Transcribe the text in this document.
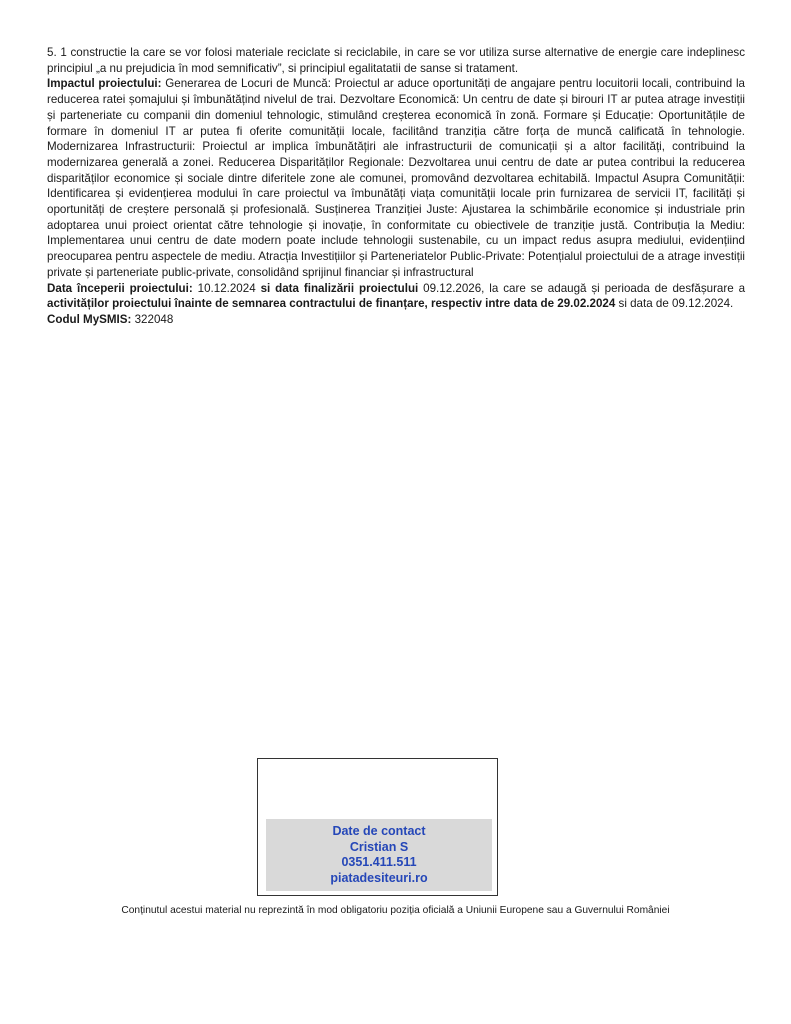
5. 1 constructie la care se vor folosi materiale reciclate si reciclabile, in care se vor utiliza surse alternative de energie care indeplinesc principiul „a nu prejudicia în mod semnificativ”, si principiul egalitatatii de sanse si tratament.

Impactul proiectului: Generarea de Locuri de Muncă: Proiectul ar aduce oportunități de angajare pentru locuitorii locali, contribuind la reducerea ratei șomajului și îmbunătățind nivelul de trai. Dezvoltare Economică: Un centru de date și birouri IT ar putea atrage investiții și parteneriate cu companii din domeniul tehnologic, stimulând creșterea economică în zonă. Formare și Educație: Oportunitățile de formare în domeniul IT ar putea fi oferite comunității locale, facilitând tranziția către forța de muncă calificată în tehnologie. Modernizarea Infrastructurii: Proiectul ar implica îmbunătățiri ale infrastructurii de comunicații și a altor facilități, contribuind la modernizarea generală a zonei. Reducerea Disparităților Regionale: Dezvoltarea unui centru de date ar putea contribui la reducerea disparităților economice și sociale dintre diferitele zone ale comunei, promovând dezvoltarea echitabilă. Impactul Asupra Comunității: Identificarea și evidențierea modului în care proiectul va îmbunătăți viața comunității locale prin furnizarea de servicii IT, facilități și oportunități de creștere personală și profesională. Susținerea Tranziției Juste: Ajustarea la schimbările economice și industriale prin adoptarea unui proiect orientat către tehnologie și inovație, în conformitate cu obiectivele de tranziție justă. Contribuția la Mediu: Implementarea unui centru de date modern poate include tehnologii sustenabile, cu un impact redus asupra mediului, evidențiind preocuparea pentru aspectele de mediu. Atracția Investițiilor și Parteneriatelor Public-Private: Potențialul proiectului de a atrage investiții private și parteneriate public-private, consolidând sprijinul financiar și infrastructural

Data începerii proiectului: 10.12.2024 si data finalizării proiectului 09.12.2026, la care se adaugă și perioada de desfășurare a activităților proiectului înainte de semnarea contractului de finanțare, respectiv intre data de 29.02.2024 si data de 09.12.2024.

Codul MySMIS: 322048

Date de contact
Cristian S
0351.411.511
piatadesiteuri.ro
Conținutul acestui material nu reprezintă în mod obligatoriu poziția oficială a Uniunii Europene sau a Guvernului României
